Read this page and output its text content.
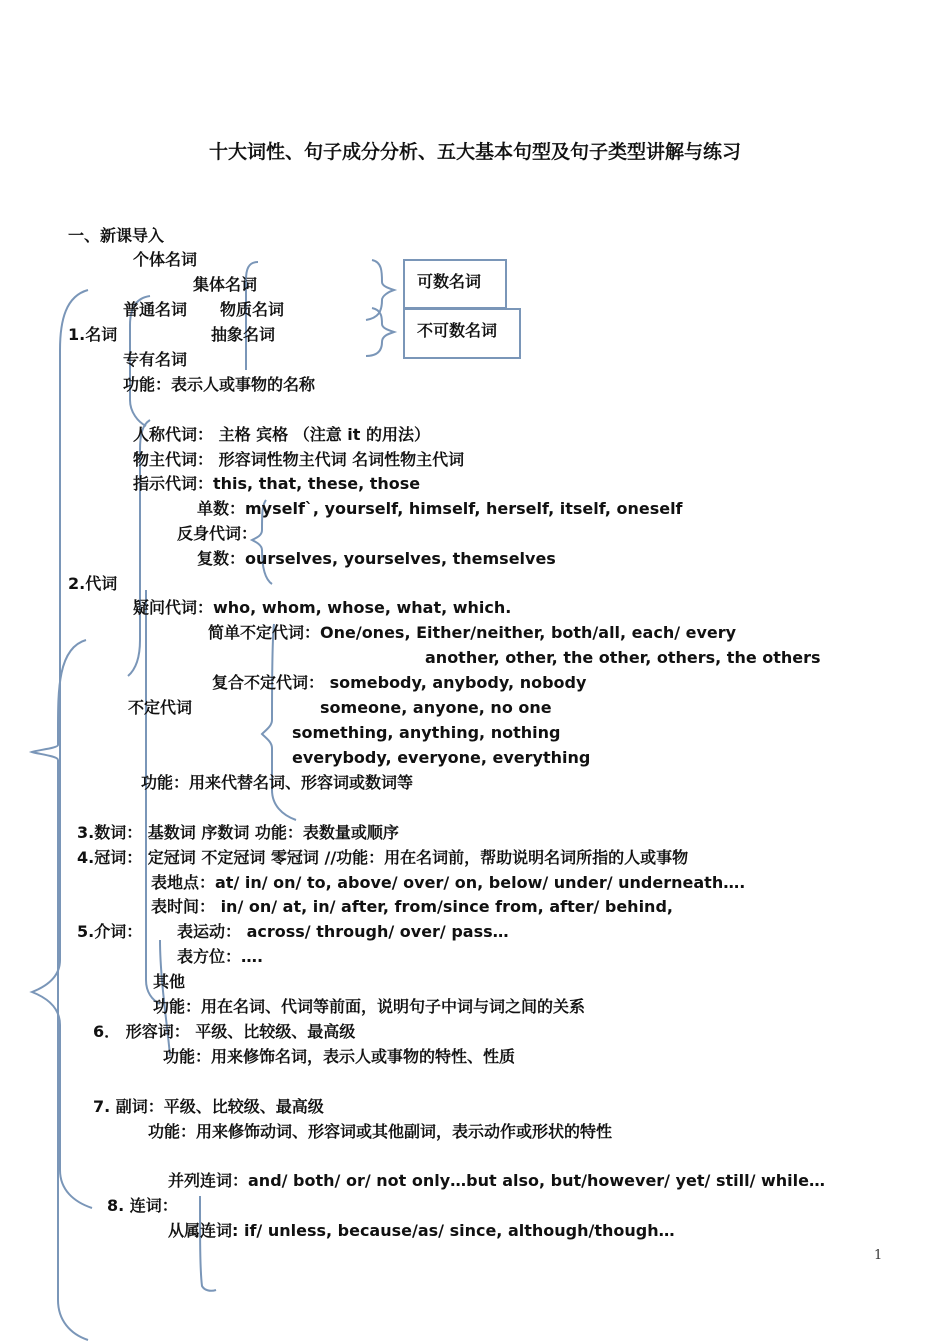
十大词性、句子成分分析、五大基本句型及句子类型讲解与练习
一、新课导入
个体名词
集体名词
普通名词 物质名词
1.名词	抽象名词
专有名词
功能：表示人或事物的名称
可数名词
不可数名词
人称代词： 主格 宾格 （注意 it 的用法）
物主代词： 形容词性物主代词 名词性物主代词
指示代词：this, that, these, those
单数：myself`, yourself, himself, herself, itself, oneself
反身代词：
复数：ourselves, yourselves, themselves
2.代词
疑问代词：who, whom, whose, what, which.
简单不定代词：One/ones, Either/neither, both/all, each/ every
another, other, the other, others, the others
复合不定代词： somebody, anybody, nobody
不定代词	someone, anyone, no one
something, anything, nothing
everybody, everyone, everything
功能：用来代替名词、形容词或数词等
3.数词： 基数词 序数词 功能：表数量或顺序
4.冠词： 定冠词 不定冠词 零冠词 //功能：用在名词前，帮助说明名词所指的人或事物
表地点：at/ in/ on/ to, above/ over/ on, below/ under/ underneath….
表时间： in/ on/ at, in/ after, from/since from, after/ behind,
5.介词： 表运动： across/ through/ over/ pass…
表方位：….
其他
功能：用在名词、代词等前面，说明句子中词与词之间的关系
6． 形容词： 平级、比较级、最高级
功能：用来修饰名词，表示人或事物的特性、性质
7. 副词：平级、比较级、最高级
功能：用来修饰动词、形容词或其他副词，表示动作或形状的特性
并列连词：and/ both/ or/ not only…but also, but/however/ yet/ still/ while…
8. 连词：
从属连词: if/ unless, because/as/ since, although/though…
1
